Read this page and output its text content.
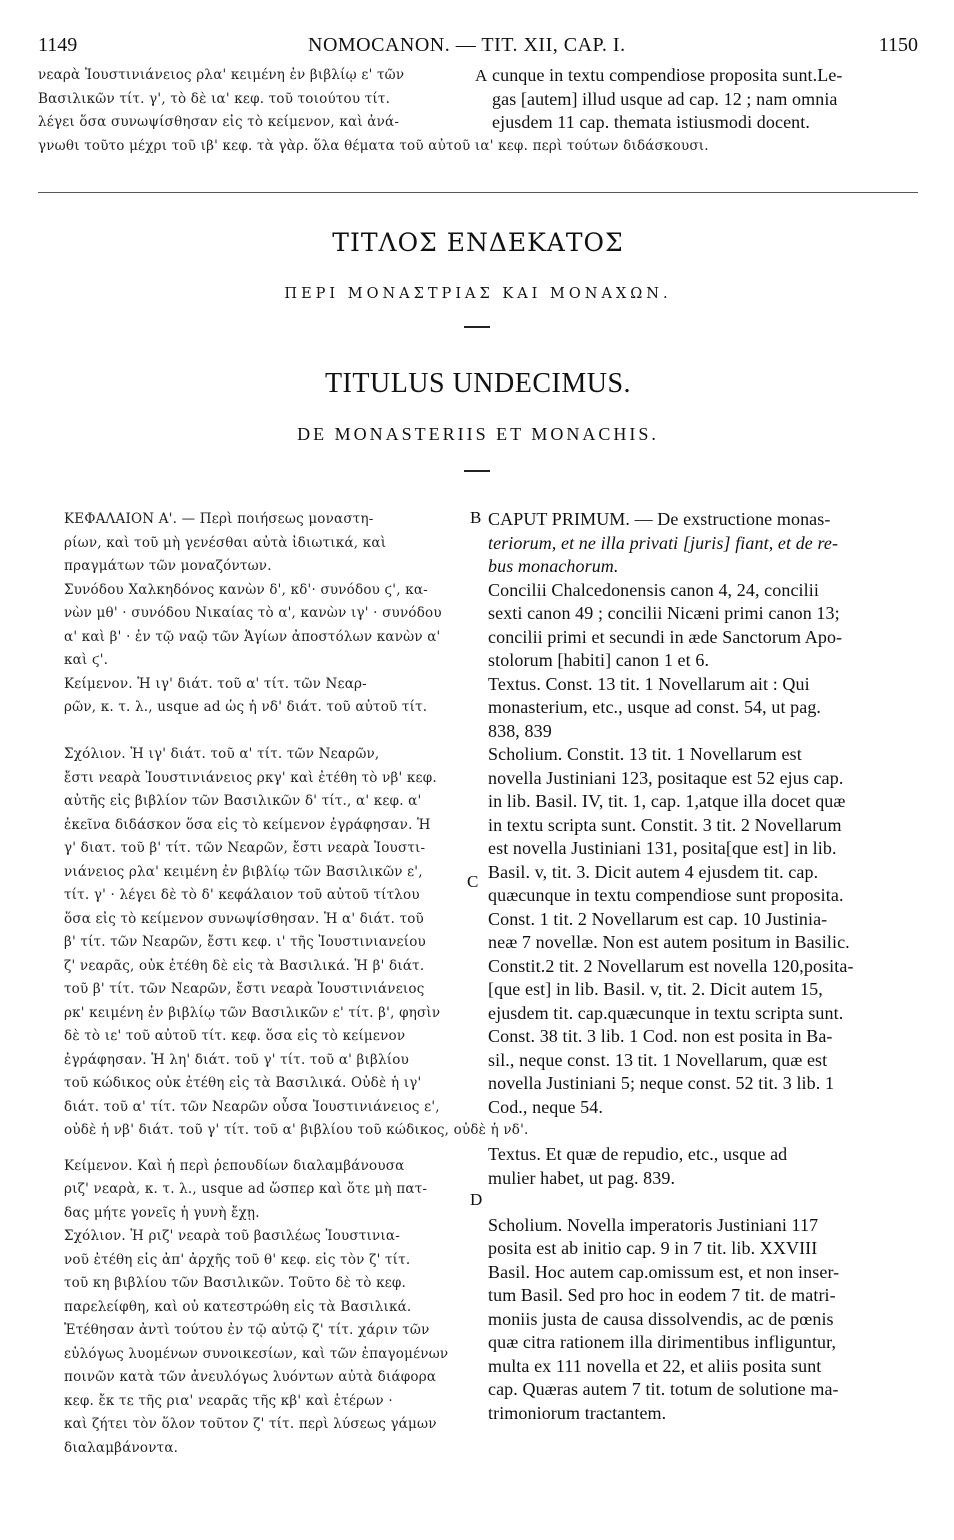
1149	NOMOCANON. — TIT. XII, CAP. I.	1150

νεαρὰ Ἰουστινιάνειος ρλα' κειμένη ἐν βιβλίῳ ε' τῶν

Βασιλικῶν τίτ. γ', τὸ δὲ ια' κεφ. τοῦ τοιούτου τίτ.

λέγει ὅσα συνωψίσθησαν εἰς τὸ κείμενον, καὶ ἀνά-

γνωθι τοῦτο μέχρι τοῦ ιβ' κεφ. τὰ γὰρ. ὅλα θέματα τοῦ αὐτοῦ ια' κεφ. περὶ τούτων διδάσκουσι.

A cunque in textu compendiose proposita sunt.Le-

gas [autem] illud usque ad cap. 12 ; nam omnia

ejusdem 11 cap. themata istiusmodi docent.

ΤΙΤΛΟΣ ΕΝΔΕΚΑΤΟΣ
ΠΕΡΙ ΜΟΝΑΣΤΡΙΑΣ ΚΑΙ ΜΟΝΑΧΩΝ.
TITULUS UNDECIMUS.
DE MONASTERIIS ET MONACHIS.

ΚΕΦΑΛΑΙΟΝ Α'. — Περὶ ποιήσεως μοναστη-

ρίων, καὶ τοῦ μὴ γενέσθαι αὐτὰ ἰδιωτικά, καὶ

πραγμάτων τῶν μοναζόντων.

Συνόδου Χαλκηδόνος κανὼν δ', κδ'· συνόδου ϛ', κα-

νὼν μθ' · συνόδου Νικαίας τὸ α', κανὼν ιγ' · συνόδου

α' καὶ β' · ἐν τῷ ναῷ τῶν Ἁγίων ἀποστόλων κανὼν α'

καὶ ϛ'.

Κείμενον. Ἡ ιγ' διάτ. τοῦ α' τίτ. τῶν Νεαρ-

ρῶν, κ. τ. λ., usque ad ὡς ἡ νδ' διάτ. τοῦ αὐτοῦ τίτ.

Σχόλιον. Ἡ ιγ' διάτ. τοῦ α' τίτ. τῶν Νεαρῶν,

ἔστι νεαρὰ Ἰουστινιάνειος ρκγ' καὶ ἐτέθη τὸ νβ' κεφ.

αὐτῆς εἰς βιβλίον τῶν Βασιλικῶν δ' τίτ., α' κεφ. α'

ἐκεῖνα διδάσκον ὅσα εἰς τὸ κείμενον ἐγράφησαν. Ἡ

γ' διατ. τοῦ β' τίτ. τῶν Νεαρῶν, ἔστι νεαρὰ Ἰουστι-

νιάνειος ρλα' κειμένη ἐν βιβλίῳ τῶν Βασιλικῶν ε',

τίτ. γ' · λέγει δὲ τὸ δ' κεφάλαιον τοῦ αὐτοῦ τίτλου

ὅσα εἰς τὸ κείμενον συνωψίσθησαν. Ἡ α' διάτ. τοῦ

β' τίτ. τῶν Νεαρῶν, ἔστι κεφ. ι' τῆς Ἰουστινιανείου

ζ' νεαρᾶς, οὐκ ἐτέθη δὲ εἰς τὰ Βασιλικά. Ἡ β' διάτ.

τοῦ β' τίτ. τῶν Νεαρῶν, ἔστι νεαρὰ Ἰουστινιάνειος

ρκ' κειμένη ἐν βιβλίῳ τῶν Βασιλικῶν ε' τίτ. β', φησὶν

δὲ τὸ ιε' τοῦ αὐτοῦ τίτ. κεφ. ὅσα εἰς τὸ κείμενον

ἐγράφησαν. Ἡ λη' διάτ. τοῦ γ' τίτ. τοῦ α' βιβλίου

τοῦ κώδικος οὐκ ἐτέθη εἰς τὰ Βασιλικά. Οὐδὲ ἡ ιγ'

διάτ. τοῦ α' τίτ. τῶν Νεαρῶν οὖσα Ἰουστινιάνειος ε',

οὐδὲ ἡ νβ' διάτ. τοῦ γ' τίτ. τοῦ α' βιβλίου τοῦ κώδικος, οὐδὲ ἡ νδ'.

Κείμενον. Καὶ ἡ περὶ ῥεπουδίων διαλαμβάνουσα

ριζ' νεαρὰ, κ. τ. λ., usque ad ὥσπερ καὶ ὅτε μὴ πατ-

δας μήτε γονεῖς ἡ γυνὴ ἔχῃ.

Σχόλιον. Ἡ ριζ' νεαρὰ τοῦ βασιλέως Ἰουστινια-

νοῦ ἐτέθη εἰς ἀπ' ἀρχῆς τοῦ θ' κεφ. εἰς τὸν ζ' τίτ.

τοῦ κη βιβλίου τῶν Βασιλικῶν. Τοῦτο δὲ τὸ κεφ.

παρελείφθη, καὶ οὐ κατεστρώθη εἰς τὰ Βασιλικά.

Ἐτέθησαν ἀντὶ τούτου ἐν τῷ αὐτῷ ζ' τίτ. χάριν τῶν

εὐλόγως λυομένων συνοικεσίων, καὶ τῶν ἐπαγομένων

ποινῶν κατὰ τῶν ἀνευλόγως λυόντων αὐτὰ διάφορα

κεφ. ἔκ τε τῆς ρια' νεαρᾶς τῆς κβ' καὶ ἑτέρων ·

καὶ ζήτει τὸν ὅλον τοῦτον ζ' τίτ. περὶ λύσεως γάμων

διαλαμβάνοντα.

B
C
D

CAPUT PRIMUM. — De exstructione monas-

teriorum, et ne illa privati [juris] fiant, et de re-

bus monachorum.

Concilii Chalcedonensis canon 4, 24, concilii

sexti canon 49 ; concilii Nicæni primi canon 13;

concilii primi et secundi in æde Sanctorum Apo-

stolorum [habiti] canon 1 et 6.

Textus. Const. 13 tit. 1 Novellarum ait : Qui

monasterium, etc., usque ad const. 54, ut pag.

838, 839

Scholium. Constit. 13 tit. 1 Novellarum est

novella Justiniani 123, positaque est 52 ejus cap.

in lib. Basil. IV, tit. 1, cap. 1,atque illa docet quæ

in textu scripta sunt. Constit. 3 tit. 2 Novellarum

est novella Justiniani 131, posita[que est] in lib.

Basil. v, tit. 3. Dicit autem 4 ejusdem tit. cap.

quæcunque in textu compendiose sunt proposita.

Const. 1 tit. 2 Novellarum est cap. 10 Justinia-

neæ 7 novellæ. Non est autem positum in Basilic.

Constit.2 tit. 2 Novellarum est novella 120,posita-

[que est] in lib. Basil. v, tit. 2. Dicit autem 15,

ejusdem tit. cap.quæcunque in textu scripta sunt.

Const. 38 tit. 3 lib. 1 Cod. non est posita in Ba-

sil., neque const. 13 tit. 1 Novellarum, quæ est

novella Justiniani 5; neque const. 52 tit. 3 lib. 1

Cod., neque 54.

Textus. Et quæ de repudio, etc., usque ad

mulier habet, ut pag. 839.

Scholium. Novella imperatoris Justiniani 117

posita est ab initio cap. 9 in 7 tit. lib. XXVIII

Basil. Hoc autem cap.omissum est, et non inser-

tum Basil. Sed pro hoc in eodem 7 tit. de matri-

moniis justa de causa dissolvendis, ac de pœnis

quæ citra rationem illa dirimentibus infliguntur,

multa ex 111 novella et 22, et aliis posita sunt

cap. Quæras autem 7 tit. totum de solutione ma-

trimoniorum tractantem.
